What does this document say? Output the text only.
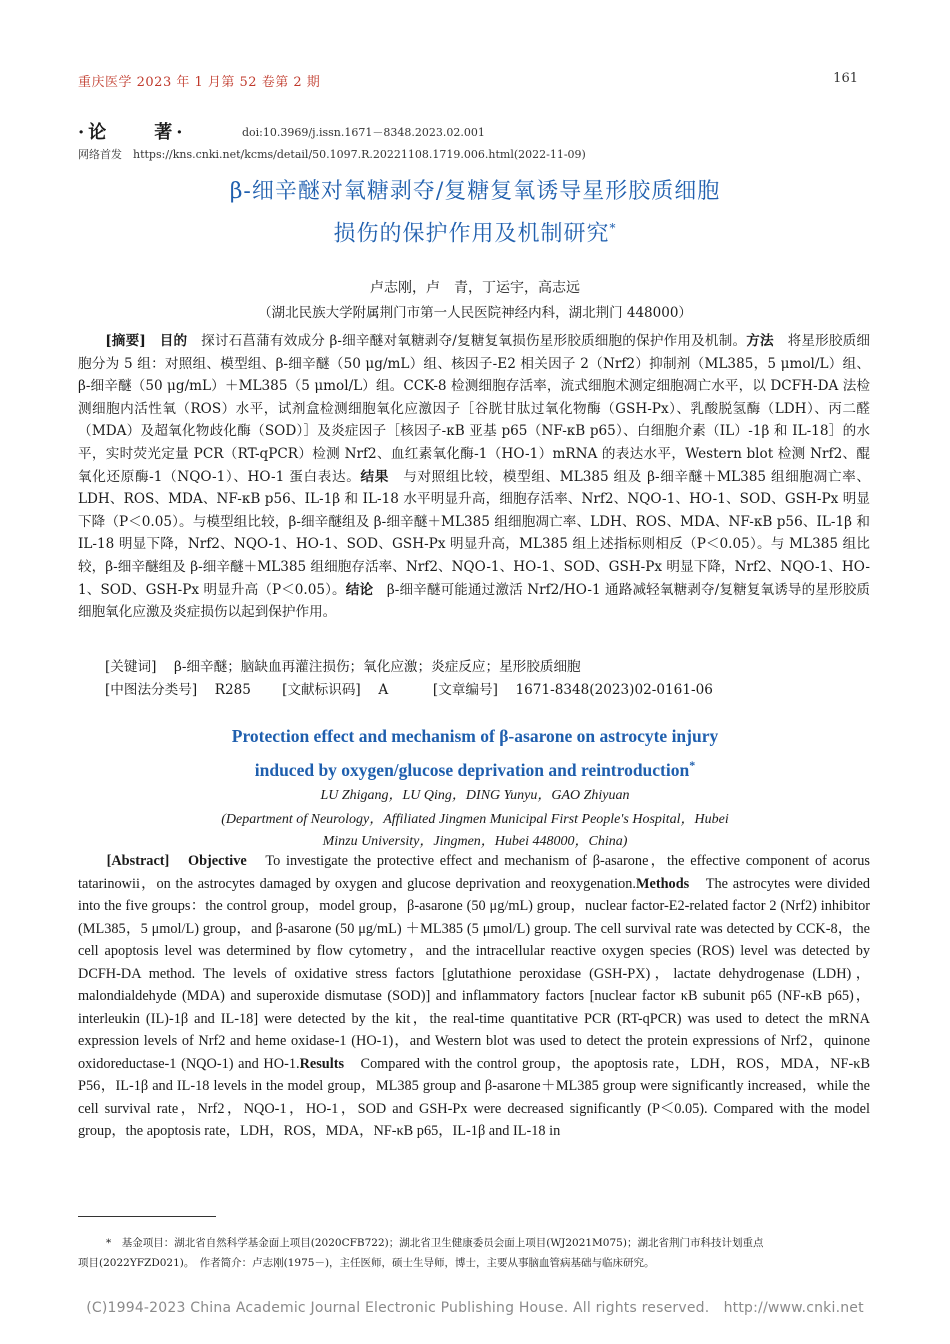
重庆医学 2023 年 1 月第 52 卷第 2 期	161
·论　　著·	doi:10.3969/j.issn.1671－8348.2023.02.001
网络首发　https://kns.cnki.net/kcms/detail/50.1097.R.20221108.1719.006.html(2022-11-09)
β-细辛醚对氧糖剥夺/复糖复氧诱导星形胶质细胞
损伤的保护作用及机制研究*
卢志刚，卢　青，丁运宇，高志远
（湖北民族大学附属荆门市第一人民医院神经内科，湖北荆门 448000）

[摘要]　 目的　 探讨石菖蒲有效成分 β-细辛醚对氧糖剥夺/复糖复氧损伤星形胶质细胞的保护作用及机制。方法　 将星形胶质细胞分为 5 组：对照组、模型组、β-细辛醚（50 μg/mL）组、核因子-E2 相关因子 2（Nrf2）抑制剂（ML385，5 μmol/L）组、β-细辛醚（50 μg/mL）＋ML385（5 μmol/L）组。CCK-8 检测细胞存活率，流式细胞术测定细胞凋亡水平，以 DCFH-DA 法检测细胞内活性氧（ROS）水平，试剂盒检测细胞氧化应激因子［谷胱甘肽过氧化物酶（GSH-Px）、乳酸脱氢酶（LDH）、丙二醛（MDA）及超氧化物歧化酶（SOD）］及炎症因子［核因子-κB 亚基 p65（NF-κB p65）、白细胞介素（IL）-1β 和 IL-18］的水平，实时荧光定量 PCR（RT-qPCR）检测 Nrf2、血红素氧化酶-1（HO-1）mRNA 的表达水平，Western blot 检测 Nrf2、醌氧化还原酶-1（NQO-1）、HO-1 蛋白表达。结果　 与对照组比较，模型组、ML385 组及 β-细辛醚＋ML385 组细胞凋亡率、LDH、ROS、MDA、NF-κB p56、IL-1β 和 IL-18 水平明显升高，细胞存活率、Nrf2、NQO-1、HO-1、SOD、GSH-Px 明显下降（P＜0.05）。与模型组比较，β-细辛醚组及 β-细辛醚＋ML385 组细胞凋亡率、LDH、ROS、MDA、NF-κB p56、IL-1β 和 IL-18 明显下降，Nrf2、NQO-1、HO-1、SOD、GSH-Px 明显升高，ML385 组上述指标则相反（P＜0.05）。与 ML385 组比较，β-细辛醚组及 β-细辛醚＋ML385 组细胞存活率、Nrf2、NQO-1、HO-1、SOD、GSH-Px 明显下降，Nrf2、NQO-1、HO-1、SOD、GSH-Px 明显升高（P＜0.05）。结论　 β-细辛醚可能通过激活 Nrf2/HO-1 通路减轻氧糖剥夺/复糖复氧诱导的星形胶质细胞氧化应激及炎症损伤以起到保护作用。

[关键词]　 β-细辛醚；脑缺血再灌注损伤；氧化应激；炎症反应；星形胶质细胞
[中图法分类号]　 R285　　 [文献标识码]　 A　　　	[文章编号]　 1671-8348(2023)02-0161-06
Protection effect and mechanism of β-asarone on astrocyte injury
induced by oxygen/glucose deprivation and reintroduction*
LU Zhigang，LU Qing，DING Yunyu，GAO Zhiyuan
(Department of Neurology，Affiliated Jingmen Municipal First People's Hospital，Hubei
Minzu University，Jingmen，Hubei 448000，China)

[Abstract]　 Objective　 To investigate the protective effect and mechanism of β-asarone，the effective component of acorus tatarinowii，on the astrocytes damaged by oxygen and glucose deprivation and reoxygenation.Methods　 The astrocytes were divided into the five groups：the control group，model group，β-asarone (50 μg/mL) group，nuclear factor-E2-related factor 2 (Nrf2) inhibitor (ML385，5 μmol/L) group，and β-asarone (50 μg/mL) ＋ML385 (5 μmol/L) group. The cell survival rate was detected by CCK-8，the cell apoptosis level was determined by flow cytometry，and the intracellular reactive oxygen species (ROS) level was detected by DCFH-DA method. The levels of oxidative stress factors [glutathione peroxidase (GSH-PX)，lactate dehydrogenase (LDH)，malondialdehyde (MDA) and superoxide dismutase (SOD)] and inflammatory factors [nuclear factor κB subunit p65 (NF-κB p65)，interleukin (IL)-1β and IL-18] were detected by the kit，the real-time quantitative PCR (RT-qPCR) was used to detect the mRNA expression levels of Nrf2 and heme oxidase-1 (HO-1)，and Western blot was used to detect the protein expressions of Nrf2，quinone oxidoreductase-1 (NQO-1) and HO-1.Results　 Compared with the control group，the apoptosis rate，LDH，ROS，MDA，NF-κB P56，IL-1β and IL-18 levels in the model group，ML385 group and β-asarone＋ML385 group were significantly increased，while the cell survival rate，Nrf2，NQO-1，HO-1，SOD and GSH-Px were decreased significantly (P＜0.05). Compared with the model group，the apoptosis rate，LDH，ROS，MDA，NF-κB p65，IL-1β and IL-18 in

*　基金项目：湖北省自然科学基金面上项目(2020CFB722)；湖北省卫生健康委员会面上项目(WJ2021M075)；湖北省荆门市科技计划重点
项目(2022YFZD021)。　作者简介：卢志刚(1975－)，主任医师，硕士生导师，博士，主要从事脑血管病基础与临床研究。
(C)1994-2023 China Academic Journal Electronic Publishing House. All rights reserved.　http://www.cnki.net
